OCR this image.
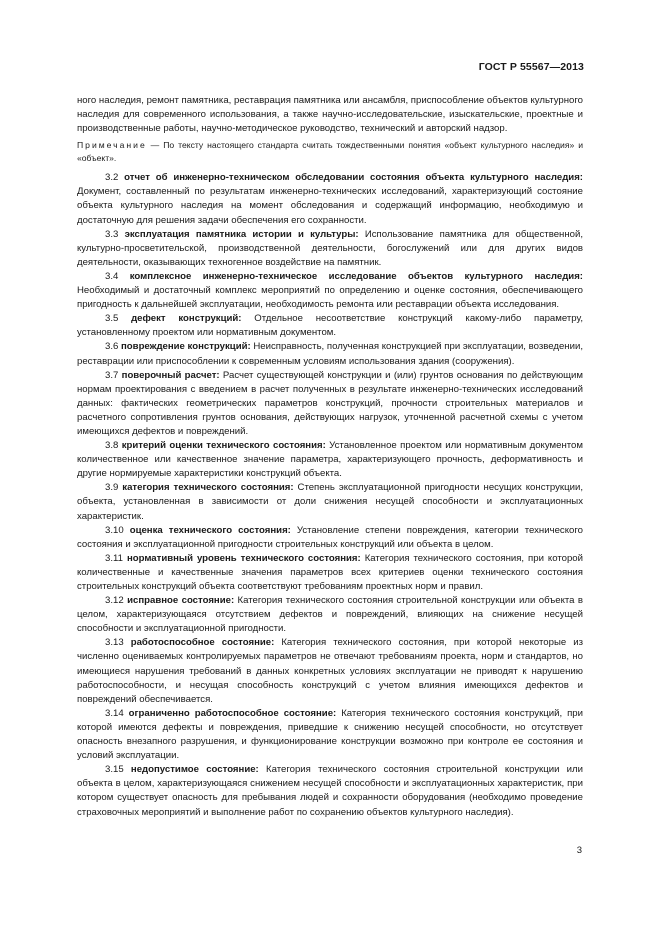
ГОСТ Р 55567—2013

ного наследия, ремонт памятника, реставрация памятника или ансамбля, приспособление объектов культурного наследия для современного использования, а также научно-исследовательские, изыскательские, проектные и производственные работы, научно-методическое руководство, технический и авторский надзор.

Примечание — По тексту настоящего стандарта считать тождественными понятия «объект культурного наследия» и «объект».

3.2 отчет об инженерно-техническом обследовании состояния объекта культурного наследия: Документ, составленный по результатам инженерно-технических исследований, характеризующий состояние объекта культурного наследия на момент обследования и содержащий информацию, необходимую и достаточную для решения задачи обеспечения его сохранности.

3.3 эксплуатация памятника истории и культуры: Использование памятника для общественной, культурно-просветительской, производственной деятельности, богослужений или для других видов деятельности, оказывающих техногенное воздействие на памятник.

3.4 комплексное инженерно-техническое исследование объектов культурного наследия: Необходимый и достаточный комплекс мероприятий по определению и оценке состояния, обеспечивающего пригодность к дальнейшей эксплуатации, необходимость ремонта или реставрации объекта исследования.

3.5 дефект конструкций: Отдельное несоответствие конструкций какому-либо параметру, установленному проектом или нормативным документом.

3.6 повреждение конструкций: Неисправность, полученная конструкцией при эксплуатации, возведении, реставрации или приспособлении к современным условиям использования здания (сооружения).

3.7 поверочный расчет: Расчет существующей конструкции и (или) грунтов основания по действующим нормам проектирования с введением в расчет полученных в результате инженерно-технических исследований данных: фактических геометрических параметров конструкций, прочности строительных материалов и расчетного сопротивления грунтов основания, действующих нагрузок, уточненной расчетной схемы с учетом имеющихся дефектов и повреждений.

3.8 критерий оценки технического состояния: Установленное проектом или нормативным документом количественное или качественное значение параметра, характеризующего прочность, деформативность и другие нормируемые характеристики конструкций объекта.

3.9 категория технического состояния: Степень эксплуатационной пригодности несущих конструкции, объекта, установленная в зависимости от доли снижения несущей способности и эксплуатационных характеристик.

3.10 оценка технического состояния: Установление степени повреждения, категории технического состояния и эксплуатационной пригодности строительных конструкций или объекта в целом.

3.11 нормативный уровень технического состояния: Категория технического состояния, при которой количественные и качественные значения параметров всех критериев оценки технического состояния строительных конструкций объекта соответствуют требованиям проектных норм и правил.

3.12 исправное состояние: Категория технического состояния строительной конструкции или объекта в целом, характеризующаяся отсутствием дефектов и повреждений, влияющих на снижение несущей способности и эксплуатационной пригодности.

3.13 работоспособное состояние: Категория технического состояния, при которой некоторые из численно оцениваемых контролируемых параметров не отвечают требованиям проекта, норм и стандартов, но имеющиеся нарушения требований в данных конкретных условиях эксплуатации не приводят к нарушению работоспособности, и несущая способность конструкций с учетом влияния имеющихся дефектов и повреждений обеспечивается.

3.14 ограниченно работоспособное состояние: Категория технического состояния конструкций, при которой имеются дефекты и повреждения, приведшие к снижению несущей способности, но отсутствует опасность внезапного разрушения, и функционирование конструкции возможно при контроле ее состояния и условий эксплуатации.

3.15 недопустимое состояние: Категория технического состояния строительной конструкции или объекта в целом, характеризующаяся снижением несущей способности и эксплуатационных характеристик, при котором существует опасность для пребывания людей и сохранности оборудования (необходимо проведение страховочных мероприятий и выполнение работ по сохранению объектов культурного наследия).

3
